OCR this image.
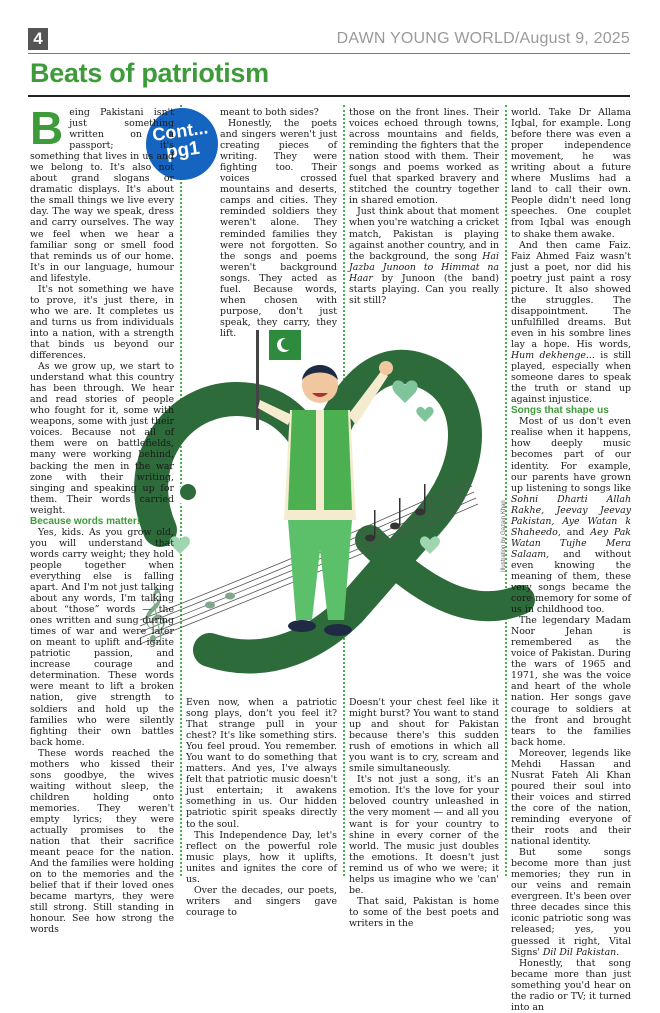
4	DAWN YOUNG WORLD/August 9, 2025
Beats of patriotism
𝄞
Illustration by Gazain Khan
Cont...
pg1

Being Pakistani isn't just something written on a passport; it's something that lives in us and we belong to. It's also not about grand slogans or dramatic displays. It's about the small things we live every day. The way we speak, dress and carry ourselves. The way we feel when we hear a familiar song or smell food that reminds us of our home. It's in our language, humour and lifestyle.

It's not something we have to prove, it's just there, in who we are. It completes us and turns us from individuals into a nation, with a strength that binds us beyond our differences.

As we grow up, we start to understand what this country has been through. We hear and read stories of people who fought for it, some with weapons, some with just their voices. Because not all of them were on battlefields, many were working behind, backing the men in the war zone with their writing, singing and speaking up for them. Their words carried weight.

Because words matter!

Yes, kids. As you grow old, you will understand that words carry weight; they hold people together when everything else is falling apart. And I'm not just talking about any words, I'm talking about “those” words — the ones written and sung during times of war and were later on meant to uplift and ignite patriotic passion, and increase courage and determination. These words were meant to lift a broken nation, give strength to soldiers and hold up the families who were silently fighting their own battles back home.

These words reached the mothers who kissed their sons goodbye, the wives waiting without sleep, the children holding onto memories. They weren't empty lyrics; they were actually promises to the nation that their sacrifice meant peace for the nation. And the families were holding on to the memories and the belief that if their loved ones became martyrs, they were still strong. Still standing in honour. See how strong the words

meant to both sides?

Honestly, the poets and singers weren't just creating pieces of writing. They were fighting too. Their voices crossed mountains and deserts, camps and cities. They reminded soldiers they weren't alone. They reminded families they were not forgotten. So the songs and poems weren't background songs. They acted as fuel. Because words, when chosen with purpose, don't just speak, they carry, they lift.

Even now, when a patriotic song plays, don't you feel it? That strange pull in your chest? It's like something stirs. You feel proud. You remember. You want to do something that matters. And yes, I've always felt that patriotic music doesn't just entertain; it awakens something in us. Our hidden patriotic spirit speaks directly to the soul.

This Independence Day, let's reflect on the powerful role music plays, how it uplifts, unites and ignites the core of us.

Over the decades, our poets, writers and singers gave courage to

those on the front lines. Their voices echoed through towns, across mountains and fields, reminding the fighters that the nation stood with them. Their songs and poems worked as fuel that sparked bravery and stitched the country together in shared emotion.

Just think about that moment when you're watching a cricket match, Pakistan is playing against another country, and in the background, the song Hai Jazba Junoon to Himmat na Haar by Junoon (the band) starts playing. Can you really sit still?

Doesn't your chest feel like it might burst? You want to stand up and shout for Pakistan because there's this sudden rush of emotions in which all you want is to cry, scream and smile simultaneously.

It's not just a song, it's an emotion. It's the love for your beloved country unleashed in the very moment — and all you want is for your country to shine in every corner of the world. The music just doubles the emotions. It doesn't just remind us of who we were; it helps us imagine who we 'can' be.

That said, Pakistan is home to some of the best poets and writers in the

world. Take Dr Allama Iqbal, for example. Long before there was even a proper independence movement, he was writing about a future where Muslims had a land to call their own. People didn't need long speeches. One couplet from Iqbal was enough to shake them awake.

And then came Faiz. Faiz Ahmed Faiz wasn't just a poet, nor did his poetry just paint a rosy picture. It also showed the struggles. The disappointment. The unfulfilled dreams. But even in his sombre lines lay a hope. His words, Hum dekhenge... is still played, especially when someone dares to speak the truth or stand up against injustice.

Songs that shape us

Most of us don't even realise when it happens, how deeply music becomes part of our identity. For example, our parents have grown up listening to songs like Sohni Dharti Allah Rakhe, Jeevay Jeevay Pakistan, Aye Watan k Shaheedo, and Aey Pak Watan Tujhe Mera Salaam, and without even knowing the meaning of them, these very songs became the core memory for some of us in childhood too.

The legendary Madam Noor Jehan is remembered as the voice of Pakistan. During the wars of 1965 and 1971, she was the voice and heart of the whole nation. Her songs gave courage to soldiers at the front and brought tears to the families back home.

Moreover, legends like Mehdi Hassan and Nusrat Fateh Ali Khan poured their soul into their voices and stirred the core of the nation, reminding everyone of their roots and their national identity.

But some songs become more than just memories; they run in our veins and remain evergreen. It's been over three decades since this iconic patriotic song was released; yes, you guessed it right, Vital Signs' Dil Dil Pakistan.

Honestly, that song became more than just something you'd hear on the radio or TV; it turned into an
